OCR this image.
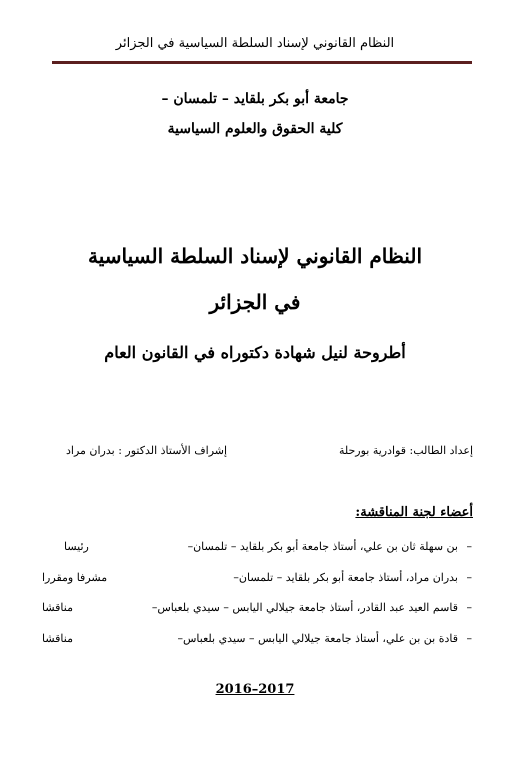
النظام القانوني لإسناد السلطة السياسية في الجزائر
جامعة أبو بكر بلقايد – تلمسان –
كلية الحقوق والعلوم السياسية
النظام القانوني لإسناد السلطة السياسية
في الجزائر
أطروحة لنيل شهادة دكتوراه في القانون العام
إعداد الطالب: قوادرية بورحلة
إشراف الأستاذ الدكتور : بدران مراد
أعضاء لجنة المناقشة:
–
بن سهلة ثان بن علي، أستاذ جامعة أبو بكر بلقايد – تلمسان–
رئيسا
–
بدران مراد، أستاذ جامعة أبو بكر بلقايد – تلمسان–
مشرفا ومقررا
–
قاسم العيد عبد القادر، أستاذ جامعة جيلالي اليابس – سيدي بلعباس–
مناقشا
–
قادة بن بن علي، أستاذ جامعة جيلالي اليابس – سيدي بلعباس–
مناقشا
2016–2017
